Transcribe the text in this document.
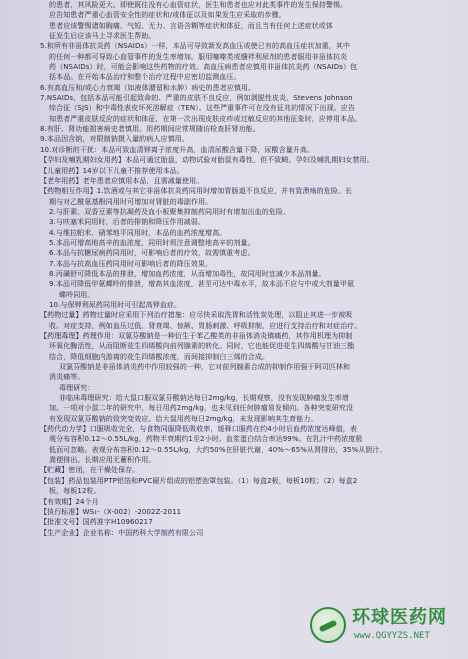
的患者，其风险更大。即使既往没有心血管症状，医生和患者也应对此类事件的发生保持警惕。
应告知患者严重心血管安全性的症状和/或体征以及如果发生应采取的步骤。
患者应该警惕诸如胸痛、气短、无力、言语含糊等症状和体征，而且当有任何上述症状或体
征发生后应该马上寻求医生帮助。
5.和所有非甾体抗炎药（NSAIDs）一样，本品可导致新发高血压或使已有的高血压症状加重，其中
的任何一种都可导致心血管事件的发生率增加。服用噻嗪类或髓袢利尿剂的患者服用非甾体抗炎
药（NSAIDs）时，可能会影响这些药物的疗效。高血压病患者应慎用非甾体抗炎药（NSAIDs）包
括本品。在开始本品治疗和整个治疗过程中应密切监测血压。
6.有高血压和/或心力衰竭（如液体潴留和水肿）病史的患者应慎用。
7.NSAIDs，包括本品可能引起致命的、严重的皮肤不良反应，例如剥脱性皮炎、Stevens Johnson
综合征（SJS）和中毒性表皮坏死溶解症（TEN）。这些严重事件可在没有征兆的情况下出现。应告
知患者严重皮肤反应的症状和体征，在第一次出现皮肤皮疹或过敏反应的其他征象时，应停用本品。
8.有肝、肾功能损害病史者慎用。用药期间应常规随访检查肝肾功能。
9.本品因含钠，对限制钠摄入量的病人应慎用。
10.对诊断的干扰：本品可致血清钾离子浓度升高，血清尿酸含量下降，尿酸含量升高。
【孕妇及哺乳期妇女用药】本品可通过胎盘，动物试验对胎鼠有毒性，但不致畸。孕妇及哺乳期妇女禁用。
【儿童用药】14岁以下儿童不推荐使用本品。
【老年用药】老年患者应慎用本品，且需减量使用。
【药物相互作用】1.饮酒或与其它非甾体抗炎药同用时增加胃肠道不良反应，并有致溃疡的危险。长
期与对乙酰氨基酚同用时可增加对肾脏的毒副作用。
2.与肝素、双香豆素等抗凝药及血小板聚集抑制药同用时有增加出血的危险。
3.与呋塞米同用时，后者的排钠和降压作用减弱。
4.与维拉帕米、硝苯地平同用时，本品的血药浓度增高。
5.本品可增高地高辛的血浓度，同用时须注意调整地高辛的剂量。
6.本品与抗糖尿病药同用时，可影响后者的疗效，故需慎重考虑。
7.本品与抗高血压药同用时可影响后者的降压效果。
8.丙磺舒可降低本品的排泄，增加血药浓度，从而增加毒性，故同用时宜减少本品剂量。
9.本品可降低甲氨蝶呤的排泄，增高其血浓度，甚至可达中毒水平，故本品不应与中或大剂量甲氨
蝶呤同用。
10.与保钾利尿药同用时可引起高钾血症。
【药物过量】药物过量时应采用下列治疗措施：应尽快采取洗胃和活性炭处理，以阻止其进一步被吸
收。对症支持，例如血压过低、肾衰竭、惊厥、胃肠刺激、呼吸抑制，应进行支持治疗和对症治疗。
【药理毒理】药理作用：双氯芬酸钠是一种衍生于苯乙酸类的非甾体消炎镇痛药，其作用机理为抑制
环氧化酶活性，从而阻断花生四烯酸向前列腺素的转化。同时，它也能促进花生四烯酸与甘油三酯
结合，降低细胞内游离的花生四烯酸浓度，而间接抑制白三烯的合成。
双氯芬酸钠是非甾体消炎药中作用较强的一种，它对前列腺素合成的抑制作用强于阿司匹林和
消炎痛等。
毒理研究：
非临床毒理研究：给大鼠口服双氯芬酸钠达每日2mg/kg，长期观察，没有发现肿瘤发生率增
加。一项对小鼠二年的研究中，每日用药2mg/kg，也未见到任何肿瘤易发倾向。各种突变研究没
有发现双氯芬酸钠的致突变效应。给大鼠用药每日2mg/kg，未发现影响其生育能力。
【药代动力学】口服吸收完全，与食物同服降低吸收率，缓释口服药在约4小时后血药浓度达峰值，表
观分布容积0.12～0.55L/kg，药物半衰期约1至2小时。血浆蛋白结合率达99%。在乳汁中药浓度极
低而可忽略。表观分布容积0.12～0.55L/kg，大约50%在肝脏代谢，40%～65%从肾排出，35%从胆汁、
粪便排出。长期应用无蓄积作用。
【贮藏】密闭，在干燥处保存。
【包装】药品包装用PTP铝箔和PVC硬片组成的铝塑泡罩包装。（1）每盒2板，每板10粒；（2）每盒2
板，每板12粒。
【有效期】24个月
【执行标准】WS₁-（X-002）-2002Z-2011
【批准文号】国药准字H10960217
【生产企业】企业名称：中国药科大学制药有限公司
环球医药网
www.QGYYZS.NET
